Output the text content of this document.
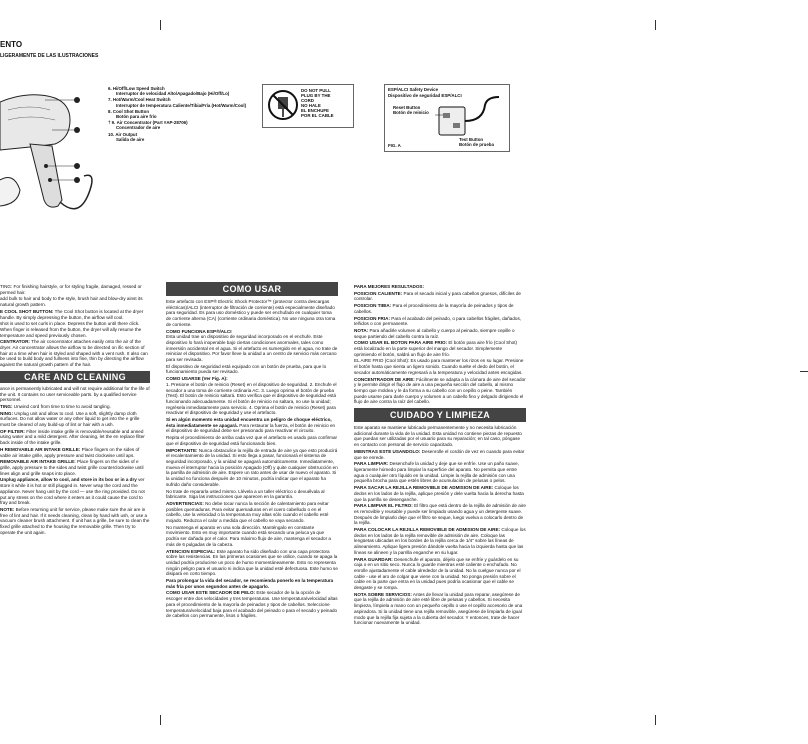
ENTO
LIGERAMENTE DE LAS ILUSTRACIONES

6. Hi/Off/Low Speed Switch
Interruptor de velocidad Alto/Apagado/Bajo (Hi/Off/Lo)

7. Hot/Warm/Cool Heat Switch
Interruptor de temperatura Caliente/Tibia/Fría (Hot/Warm/Cool)

8. Cool Shot Button
Botón para aire frío

† 9. Air Concentrator (Part #AP-28706)
Concentrador de aire

10. Air Output
Salida de aire

DO NOT PULL
PLUG BY THE
CORD
NO HALE
EL ENCHUFE
POR EL CABLE
ESP/ALCI Safety Device
Dispositivo de seguridad ESP/ALCI
Reset Button
Botón de reinicio
Test Button
Botón de prueba
FIG. A

TING: For finishing hairstyle, or for styling fragile, damaged, ressed or permed hair.

add bulk to hair and body to the style, brush hair and blow-dry ainst its natural growth pattern.

E COOL SHOT BUTTON: The Cool Shot button is located at the dryer handle. By simply depressing the button, the airflow will cool.

shot is used to set curls in place. Depress the button until there click. When finger is released from the button, the dryer will ally resume the temperature and speed previously chosen.

CENTRATOR: The air concentrator attaches easily onto the air of the dryer. Air concentrator allows the airflow to be directed on ific section of hair at a time when hair is styled and shaped with a vent rush. It also can be used to build body and fullness into fine, thin by directing the airflow against the natural growth pattern of the hair.

CARE AND CLEANING

ance is permanently lubricated and will not require additional for the life of the unit. It contains no user serviceable parts. by a qualified service personnel.

TING: Unwind cord from time to time to avoid tangling.

NING: Unplug unit and allow to cool. Use a soft, slightly damp cloth surfaces. Do not allow water or any other liquid to get into the e grille must be cleared of any build-up of lint or hair with a ush.

OF FILTER: Filter inside intake grille is removable/reusable and anned using water and a mild detergent. After cleaning, let the en replace filter back inside of the intake grille.

H REMOVABLE AIR INTAKE GRILLE: Place fingers on the sides of vable air intake grille, apply pressure and twist clockwise until aps.

REMOVABLE AIR INTAKE GRILLE: Place fingers on the sides of e grille, apply pressure to the sides and twist grille counterclockwise until lines align and grille snaps into place.

Unplug appliance, allow to cool, and store in its box or in a dry ver store it while it is hot or still plugged in. Never wrap the cord and the appliance. Never hang unit by the cord — use the ring provided. Do not put any stress on the cord where it enters as it could cause the cord to fray and break.

NOTE: Before returning unit for service, please make sure the air are in free of lint and hair. If it needs cleaning, clean by hand with ush, or use a vacuum cleaner brush attachment. If unit has a grille, be sure to clean the fixed grille attached to the housing the removable grille. Then try to operate the unit again.

COMO USAR

Este artefacto con ESP® Electric Shock Protector™ (protector contra descargas eléctricas)/ALCI (interruptor de filtración de corriente) está especialmente diseñado para seguridad. Es para uso doméstico y puede ser enchufado en cualquier toma de corriente alterna (CA) (corriente ordinaria doméstica). No use ninguna otra toma de corriente.

COMO FUNCIONA ESP®/ALCI
Esta unidad trae un dispositivo de seguridad incorporado en el enchufe. Este dispositivo lo hará inoperable bajo ciertas condiciones anormales, tales como inmersión accidental en el agua. Si el artefacto es sumergido en el agua, no trate de reiniciar el dispositivo. Por favor lleve la unidad a un centro de servicio más cercano para ser revisada.

El dispositivo de seguridad está equipado con un botón de prueba, para que lo funcionamiento pueda ser revisado.

COMO USARSE (Ver Fig. A):
1. Presione el botón de reinicio (Reset) en el dispositivo de seguridad. 2. Enchufe el secador a una toma de corriente ordinaria AC. 3. Luego oprima el botón de prueba (Test). El botón de reinicio saltará. Esto verifica que el dispositivo de seguridad está funcionando adecuadamente. Si el botón de reinicio no saltara, no use la unidad; regrésela inmediatamente para servicio. 4. Oprima el botón de reinicio (Reset) para reactivar el dispositivo de seguridad y use el artefacto.

Si en algún momento esta unidad encuentra un peligro de choque eléctrico, ésta inmediatamente se apagará. Para restaurar la fuerza, el botón de reinicio en el dispositivo de seguridad debe ser presionado para reactivar el circuito.

Repita el procedimiento de arriba cada vez que el artefacto es usado para confirmar que el dispositivo de seguridad está funcionando bien.

IMPORTANTE: Nunca obstaculice la rejilla de entrada de aire ya que esto producirá el recalentamiento de la unidad. Si esto llega a pasar, funcionará el sistema de seguridad incorporado, y la unidad se apagará automáticamente. Inmediatamente, mueva el interruptor hacia la posición Apagado (Off) y quite cualquier obstrucción en la parrilla de admisión de aire. Espere un rato antes de usar de nuevo el aparato. Si la unidad no funciona después de 10 minutos, podría indicar que el aparato ha sufrido daño considerable.

No trate de repararla usted mismo. Llévela a un taller eléctrico o devuélvala al fabricante. Siga las instrucciones que aparecen en la garantía.

ADVERTENCIAS: No debe tocar nunca la sección de calentamiento para evitar posibles quemaduras. Para evitar quemaduras en el cuero cabelludo o en el cabello, use la velocidad o la temperatura muy altas sólo cuando el cabello esté mojado. Reduzca el calor a medida que el cabello se vaya secando.

No mantenga el aparato en una sola dirección. Manténgalo en constante movimiento. Esto es muy importante cuando está secando una peluca ya que podría ser dañada por el calor. Para máximo flujo de aire, mantenga el secador a más de 6 pulgadas de la cabeza.

ATENCION ESPECIAL: Este aparato ha sido diseñado con una capa protectora sobre las resistencias. En las primeras ocasiones que se utilice, cuando se apaga la unidad podría producirse un poco de humo momentáneamente. Esto no representa ningún peligro para el usuario ni indica que la unidad esté defectuosa. Este humo se disipará en corto tiempo.

Para prolongar la vida del secador, se recomienda ponerlo en la temperatura más fría por unos segundos antes de apagarlo.

COMO USAR ESTE SECADOR DE PELO: Este secador de la la opción de escoger entre dos velocidades y tres temperaturas. Use temperatura/velocidad altas para el procedimiento de la mayoría de peinados y tipos de cabellos. Seleccione temperatura/velocidad baja para el acabado del peinado o para el secado y peinado de cabellos con permanente, lisos o frágiles.

PARA MEJORES RESULTADOS:

POSICION CALIENTE: Para el secado inicial y para cabellos gruesos, difíciles de controlar.

POSICION TIBIA: Para el procedimiento de la mayoría de peinados y tipos de cabellos.

POSICION FRIA: Para el acabado del peinado, o para cabellos frágiles, dañados, teñidos o con permanente.

NOTA: Para añadirle volumen al cabello y cuerpo al peinado, siempre cepille o seque partiendo del cabello contra la raíz.

COMO USAR EL BOTON PARA AIRE FRIO: El botón para aire frío (Cool Shot) está localizado en la parte superior del mango del secador. Simplemente oprimiendo el botón, saldrá un flujo de aire frío.

EL AIRE FRIO (Cool Shot): Es usado para mantener los rizos en su lugar. Presione el botón hasta que sienta un ligero sonido. Cuando suelte el dedo del botón, el secador automáticamente regresará a la temperatura y velocidad antes escogidas.

CONCENTRADOR DE AIRE: Fácilmente se adapta a la cámara de aire del secador y le permite dirigir el flujo de aire a una pequeña sección del cabello, al mismo tiempo que moldea y le da forma a su cabello con un cepillo o peine. También puede usarse para darle cuerpo y volumen a un cabello fino y delgado dirigiendo el flujo de aire contra la raíz del cabello.

CUIDADO Y LIMPIEZA

Este aparato se mantiene lubricado permanentemente y no necesita lubricación adicional durante la vida de la unidad. Esta unidad no contiene piezas de repuesto que puedan ser utilizadas por el usuario para su reparación; en tal caso, póngase en contacto con personal de servicio capacitado.

MIENTRAS ESTE USANDOLO: Desenrolle el cordón de vez en cuando para evitar que se enrede.

PARA LIMPIAR: Desenchufe la unidad y deje que se enfríe. Use un paño suave, ligeramente húmedo para limpiar la superficie del aparato. No permita que entre agua o cualquier otro líquido en la unidad. Limpie la rejilla de admisión con una pequeña brocha para que estén libres de acumulación de pelusas o pelos.

PARA SACAR LA REJILLA REMOVIBLE DE ADMISION DE AIRE: Coloque los dedos en los lados de la rejilla, aplique presión y dele vuelta hacia la derecha hasta que la parrilla se desenganche.

PARA LIMPIAR EL FILTRO: El filtro que está dentro de la rejilla de admisión de aire es removible y reusable y puede ser limpiado usando agua y un detergente suave. Después de limpiarlo deje que el filtro se seque, luego vuelva a colocarlo dentro de la rejilla.

PARA COLOCAR LA REJILLA REMOVIBLE DE ADMISION DE AIRE: Coloque los dedos en los lados de la rejilla removible de admisión de aire. Coloque las lengüetas ubicadas en los bordes de la rejilla cerca de 1/4" sobre las líneas de alineamiento. Aplique ligera presión dándole vuelta hacia la izquierda hasta que las líneas se alineen y la parrilla enganche en su lugar.

PARA GUARDAR: Desenchufe el aparato, déjelo que se enfríe y guárdelo en su caja o en un sitio seco. Nunca lo guarde mientras esté caliente o enchufado. No enrolle ajustadamente el cable alrededor de la unidad. No la cuelgue nunca por el cable - use el aro de colgar que viene con la unidad. No ponga presión sobre el cable en la parte que entra en la unidad pues podría ocasionar que el cable se desgaste y se rompa.

NOTA SOBRE SERVICIOS: Antes de llevar la unidad para reparar, asegúrese de que la rejilla de admisión de aire esté libre de pelusas y cabellos. Si necesita limpieza, límpiela a mano con un pequeño cepillo o use el cepillo accesorio de una aspiradora. Si la unidad tiene una rejilla removible, asegúrese de limpiarla de igual modo que la rejilla fija sujeta a la cubierta del secador. Y entonces, trate de hacer funcionar nuevamente la unidad.
